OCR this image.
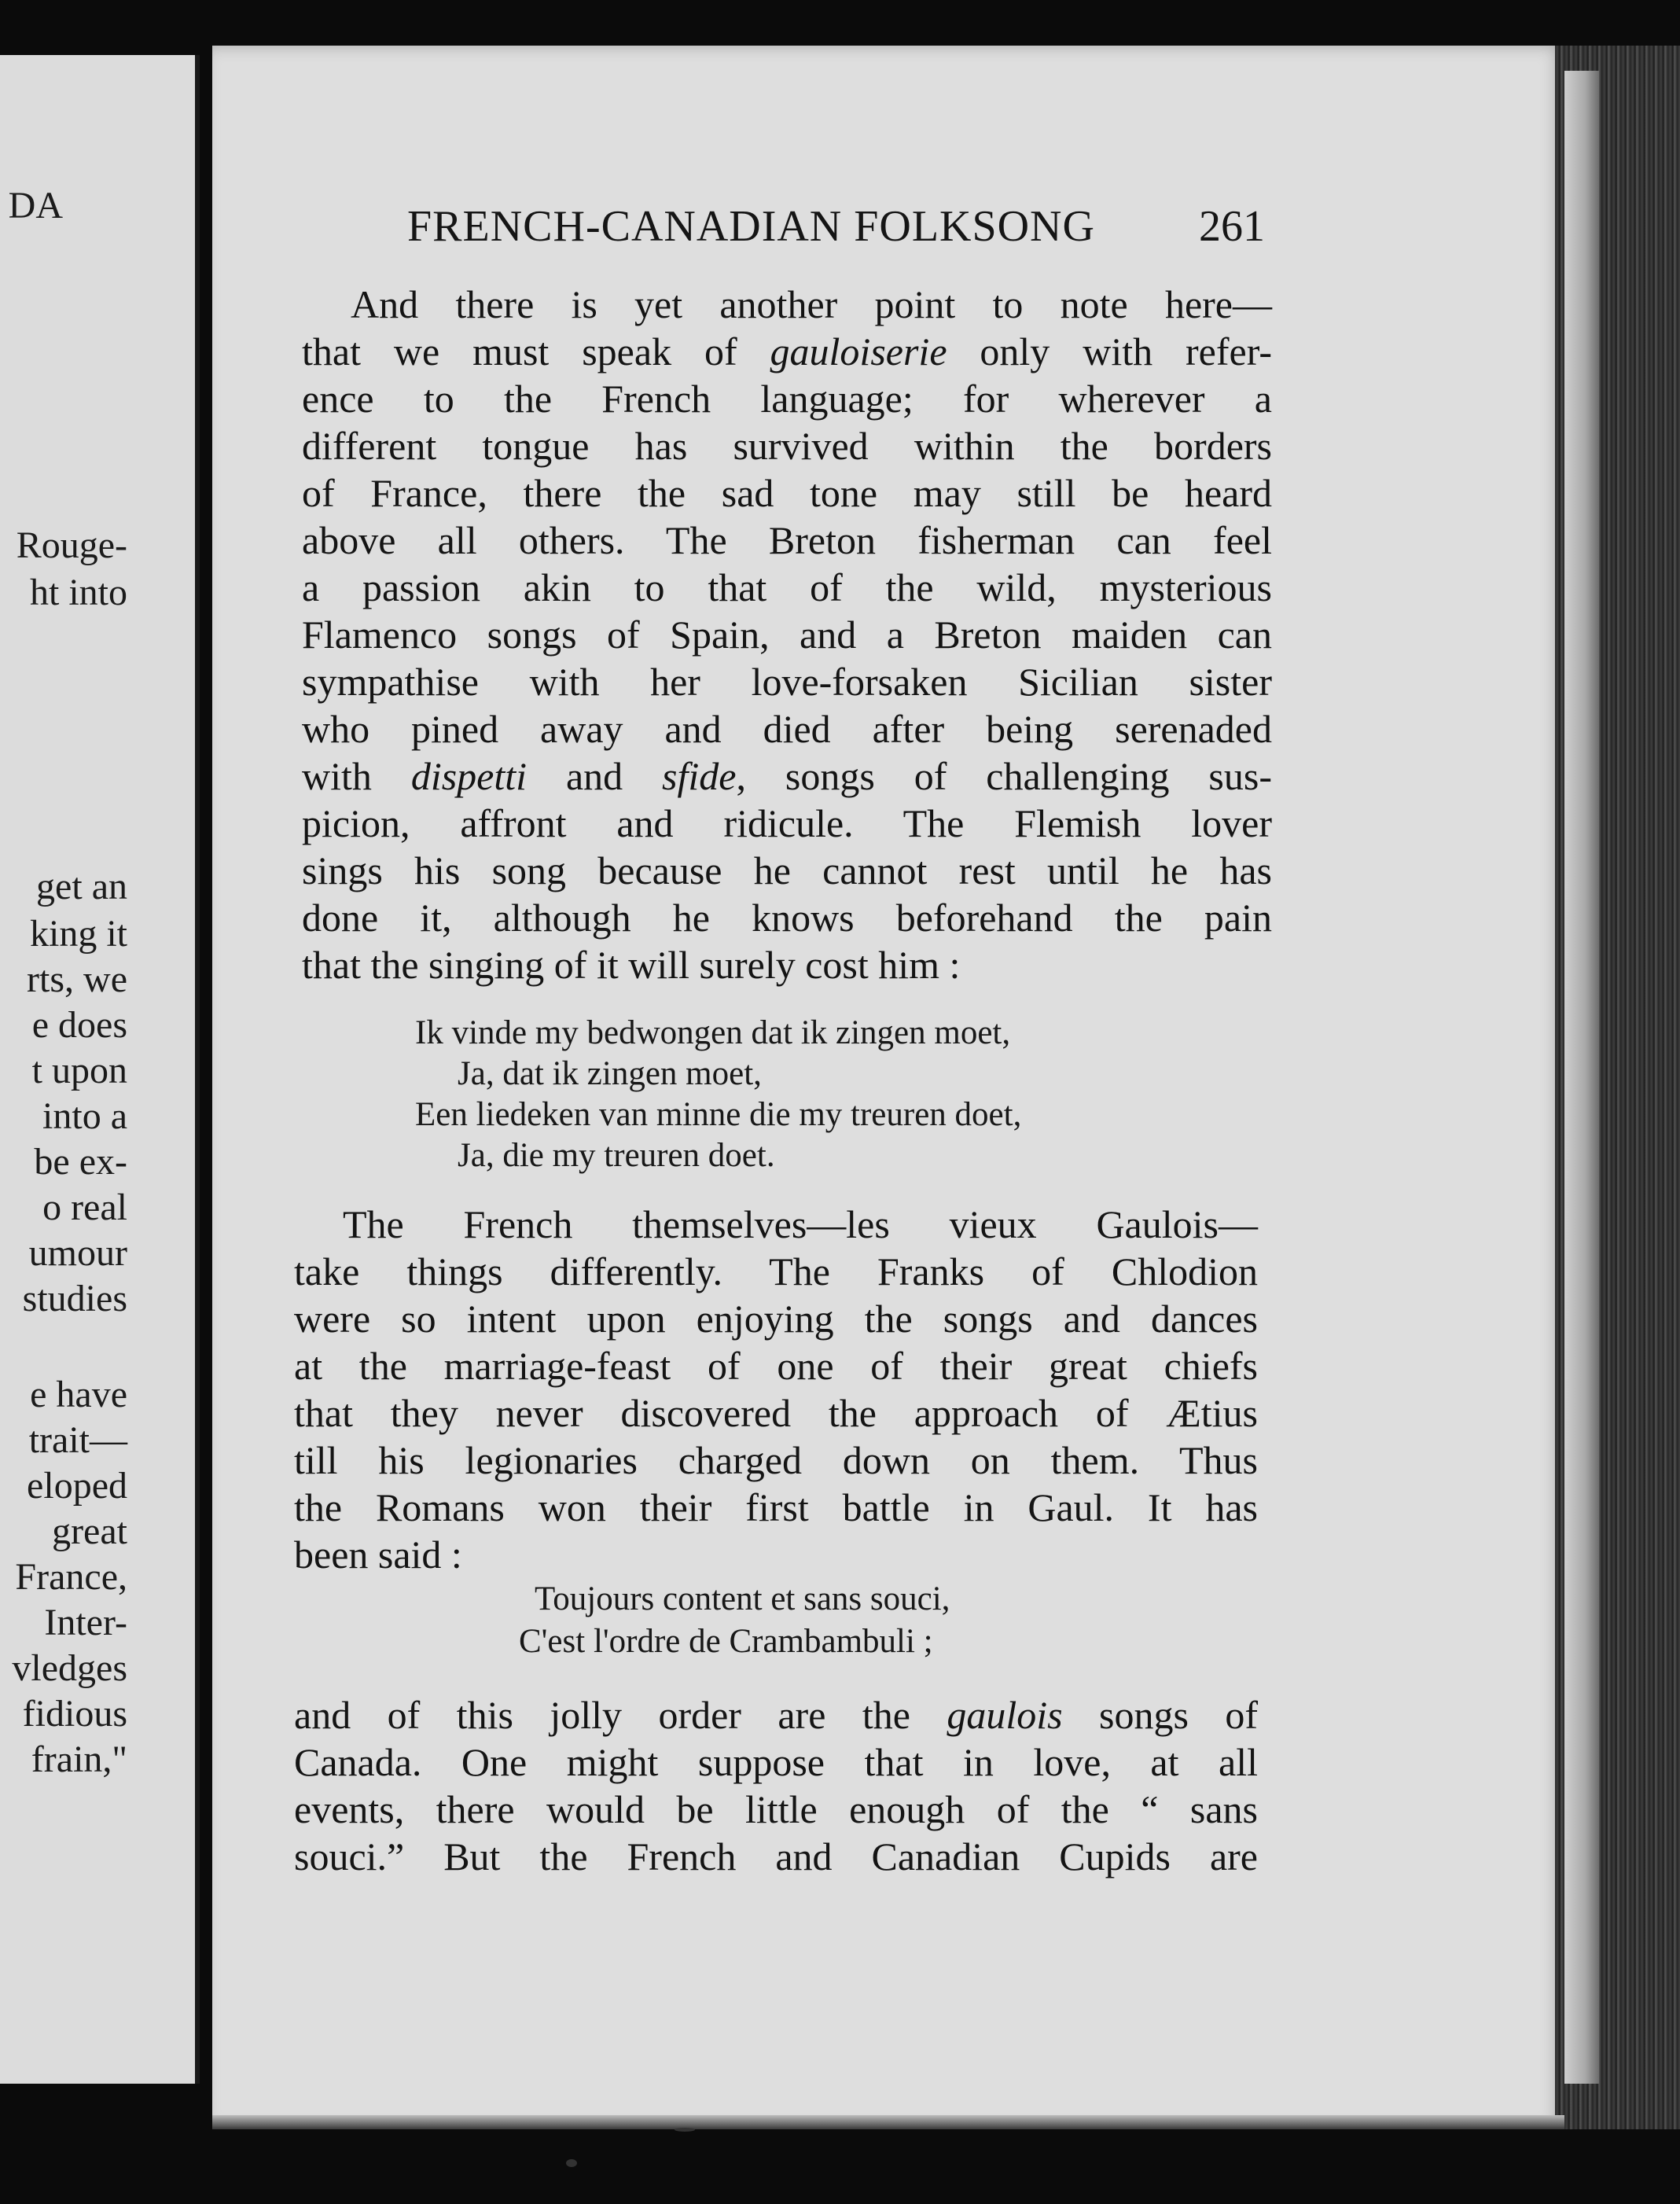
DA
Rouge-
ht into
get an
king it
rts, we
e does
t upon
into a
be ex-
o real
umour
studies
e have
trait—
eloped
great
France,
Inter-
vledges
fidious
frain,"
FRENCH-CANADIAN FOLKSONG	261
And there is yet another point to note here—
that we must speak of gauloiserie only with refer-
ence to the French language; for wherever a
different tongue has survived within the borders
of France, there the sad tone may still be heard
above all others. The Breton fisherman can feel
a passion akin to that of the wild, mysterious
Flamenco songs of Spain, and a Breton maiden can
sympathise with her love-forsaken Sicilian sister
who pined away and died after being serenaded
with dispetti and sfide, songs of challenging sus-
picion, affront and ridicule. The Flemish lover
sings his song because he cannot rest until he has
done it, although he knows beforehand the pain
that the singing of it will surely cost him :
Ik vinde my bedwongen dat ik zingen moet,
Ja, dat ik zingen moet,
Een liedeken van minne die my treuren doet,
Ja, die my treuren doet.
The French themselves—les vieux Gaulois—
take things differently. The Franks of Chlodion
were so intent upon enjoying the songs and dances
at the marriage-feast of one of their great chiefs
that they never discovered the approach of Ætius
till his legionaries charged down on them. Thus
the Romans won their first battle in Gaul. It has
been said :
Toujours content et sans souci,
C'est l'ordre de Crambambuli ;
and of this jolly order are the gaulois songs of
Canada. One might suppose that in love, at all
events, there would be little enough of the “ sans
souci.” But the French and Canadian Cupids are
